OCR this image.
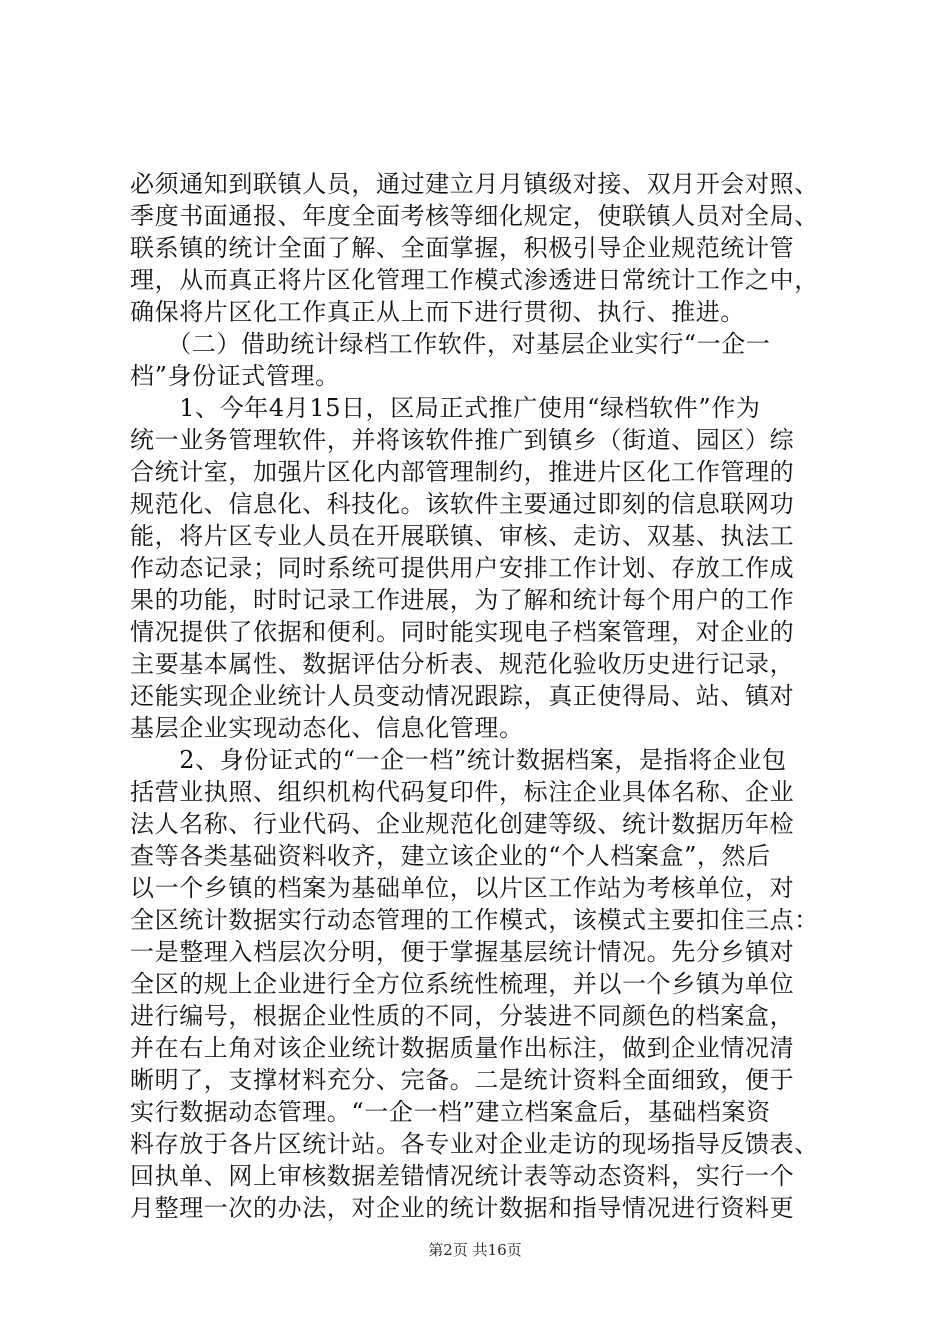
必须通知到联镇人员，通过建立月月镇级对接、双月开会对照、
季度书面通报、年度全面考核等细化规定，使联镇人员对全局、
联系镇的统计全面了解、全面掌握，积极引导企业规范统计管
理，从而真正将片区化管理工作模式渗透进日常统计工作之中，
确保将片区化工作真正从上而下进行贯彻、执行、推进。
　　（二）借助统计绿档工作软件，对基层企业实行“一企一
档”身份证式管理。
　　1、今年4月15日，区局正式推广使用“绿档软件”作为
统一业务管理软件，并将该软件推广到镇乡（街道、园区）综
合统计室，加强片区化内部管理制约，推进片区化工作管理的
规范化、信息化、科技化。该软件主要通过即刻的信息联网功
能，将片区专业人员在开展联镇、审核、走访、双基、执法工
作动态记录；同时系统可提供用户安排工作计划、存放工作成
果的功能，时时记录工作进展，为了解和统计每个用户的工作
情况提供了依据和便利。同时能实现电子档案管理，对企业的
主要基本属性、数据评估分析表、规范化验收历史进行记录，
还能实现企业统计人员变动情况跟踪，真正使得局、站、镇对
基层企业实现动态化、信息化管理。
　　2、身份证式的“一企一档”统计数据档案，是指将企业包
括营业执照、组织机构代码复印件，标注企业具体名称、企业
法人名称、行业代码、企业规范化创建等级、统计数据历年检
查等各类基础资料收齐，建立该企业的“个人档案盒”，然后
以一个乡镇的档案为基础单位，以片区工作站为考核单位，对
全区统计数据实行动态管理的工作模式，该模式主要扣住三点：
一是整理入档层次分明，便于掌握基层统计情况。先分乡镇对
全区的规上企业进行全方位系统性梳理，并以一个乡镇为单位
进行编号，根据企业性质的不同，分装进不同颜色的档案盒，
并在右上角对该企业统计数据质量作出标注，做到企业情况清
晰明了，支撑材料充分、完备。二是统计资料全面细致，便于
实行数据动态管理。“一企一档”建立档案盒后，基础档案资
料存放于各片区统计站。各专业对企业走访的现场指导反馈表、
回执单、网上审核数据差错情况统计表等动态资料，实行一个
月整理一次的办法，对企业的统计数据和指导情况进行资料更
第2页 共16页
